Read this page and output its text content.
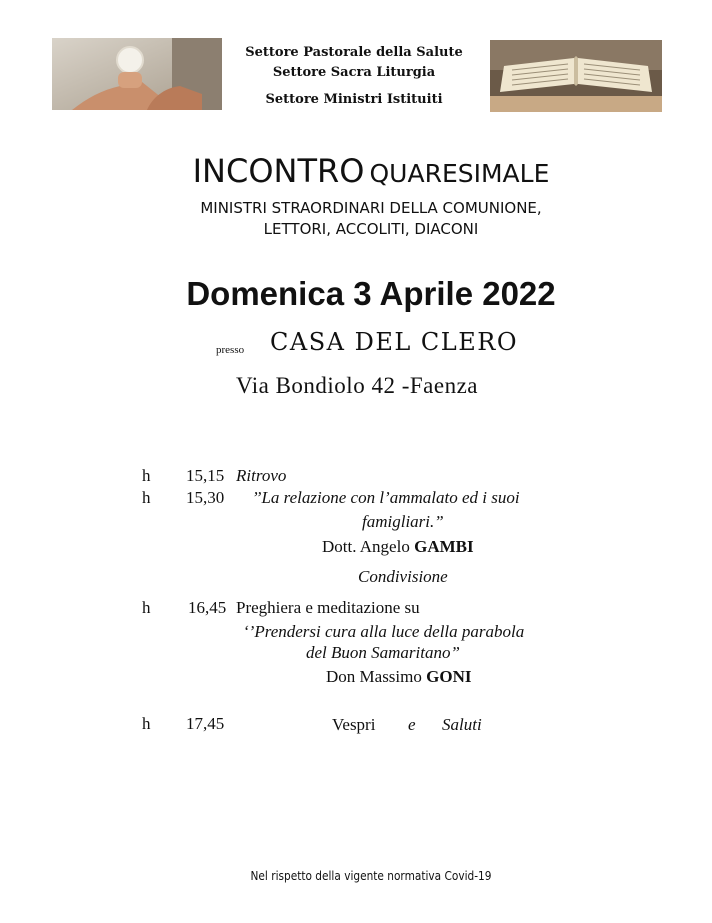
Settore Pastorale della Salute
Settore Sacra Liturgia
Settore Ministri Istituiti
INCONTRO QUARESIMALE
MINISTRI STRAORDINARI DELLA COMUNIONE,
LETTORI, ACCOLITI, DIACONI
Domenica 3 Aprile 2022
presso CASA DEL CLERO
Via Bondiolo 42 -Faenza
h 15,15 Ritrovo
h 15,30 ’’La relazione con l’ammalato ed i suoi
famigliari.”
Dott. Angelo GAMBI
Condivisione
h 16,45 Preghiera e meditazione su
‘’Prendersi cura alla luce della parabola
del Buon Samaritano”
Don Massimo GONI
h 17,45	Vespri e Saluti
Nel rispetto della vigente normativa Covid-19
